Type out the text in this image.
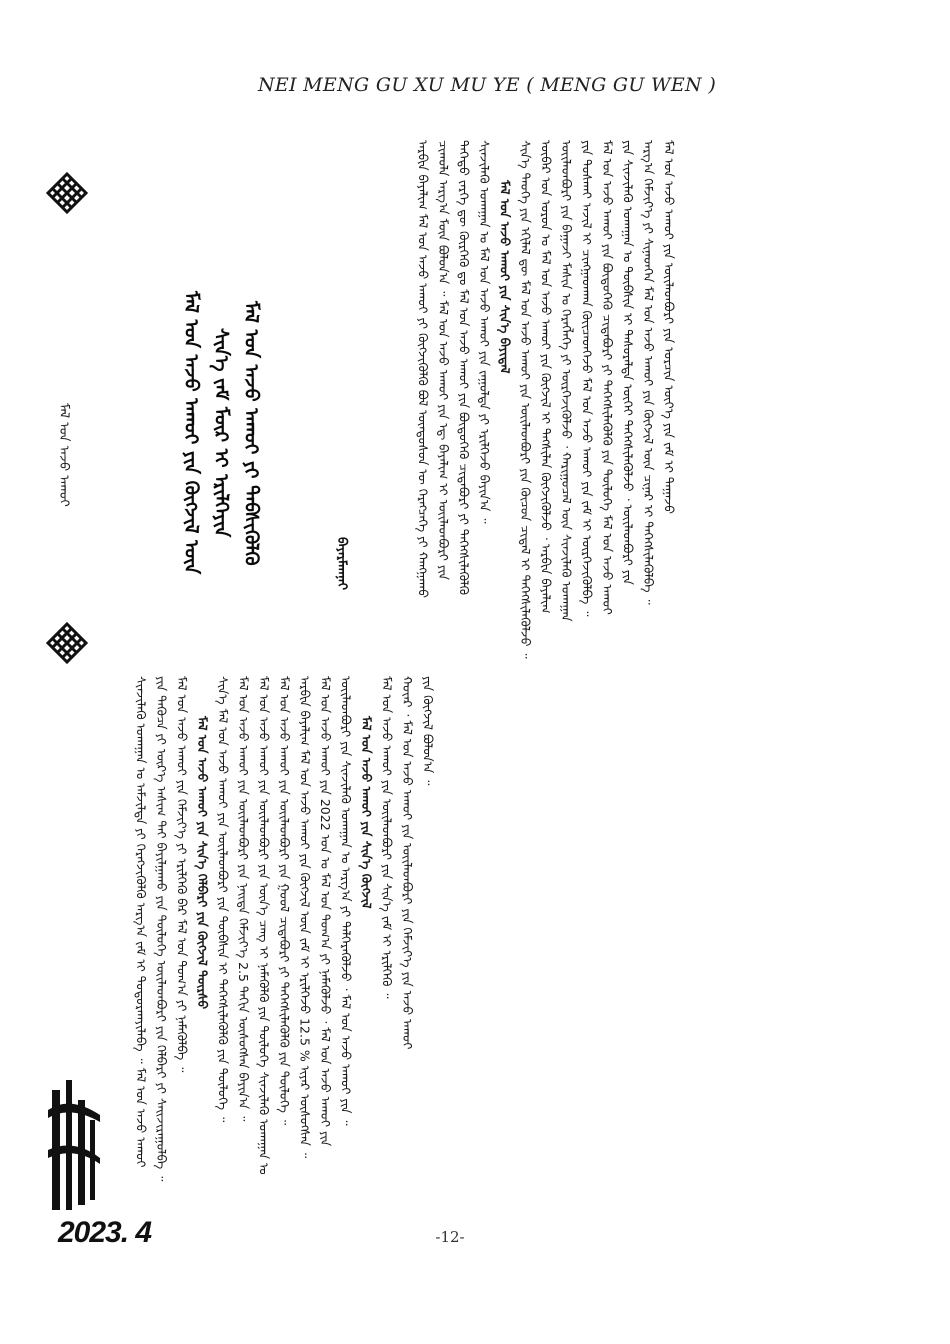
NEI MENG GU XU MU YE ( MENG GU WEN )
ᠮᠠᠯ ᠤᠨ ᠠᠵᠤ ᠠᠬᠤᠢ	ᠮᠠᠯ ᠤᠨ ᠠᠵᠤ ᠠᠬᠤᠢ ᠶᠢᠨ ᠬᠦᠭᠵᠢᠯ ᠦᠨ ᠰᠢᠨ᠎ᠡ ᠵᠠᠮ ᠮᠦᠷ ᠢ ᠡᠷᠢᠯᠬᠡᠶᠢᠨ ᠮᠠᠯ ᠤᠨ ᠠᠵᠤ ᠠᠬᠤᠢ ᠶᠢ ᠳᠡᠪᠰᠢᠭᠦᠯᠬᠦ	ᠪᠠᠶᠠᠷᠮᠠᠭᠨᠠᠢ	ᠠᠷᠪᠢᠨ ᠪᠠᠶᠠᠯᠢᠭ ᠮᠠᠯ ᠤᠨ ᠠᠵᠤ ᠠᠬᠤᠢ ᠶᠢ ᠬᠦᠭᠵᠢᠭᠦᠯᠬᠦ ᠪᠣᠯ ᠦᠨᠳᠦᠰᠦᠨ ᠦ ᠬᠡᠷᠡᠭᠴᠡᠭᠡ ᠶᠢ ᠬᠠᠩᠭᠠᠬᠤ ᠴᠢᠬᠤᠯᠠ ᠠᠷᠭ᠎ᠠ ᠮᠦᠨ ᠪᠣᠯᠤᠨ᠎ᠠ ᠃ ᠮᠠᠯ ᠤᠨ ᠠᠵᠤ ᠠᠬᠤᠢ ᠶᠢᠨ ᠡᠳ᠋ ᠪᠠᠶᠠᠯᠢᠭ ᠢ ᠦᠢᠯᠡᠳᠪᠦᠷᠢ ᠶᠢᠨ ᠳᠡᠭᠡᠳᠦ ᠵᠡᠷᠭᠡ ᠳᠦ ᠬᠦᠷᠭᠡᠬᠦ ᠳᠤ ᠮᠠᠯ ᠤᠨ ᠠᠵᠤ ᠠᠬᠤᠢ ᠶᠢᠨ ᠪᠦᠲᠦᠭᠡᠬᠦ ᠴᠢᠳᠠᠪᠤᠷᠢ ᠶᠢ ᠳᠡᠭᠡᠭᠰᠢᠯᠡᠭᠦᠯᠬᠦ ᠰᠢᠨᠵᠢᠯᠡᠬᠦ ᠤᠬᠠᠭᠠᠨ ᠤ ᠮᠠᠯ ᠤᠨ ᠠᠵᠤ ᠠᠬᠤᠢ ᠶᠢᠨ ᠵᠠᠭᠤᠯᠲᠠ ᠶᠢ ᠡᠷᠢᠯᠬᠡᠵᠦ ᠪᠠᠶᠢᠨ᠎ᠠ ᠃ ᠮᠠᠯ ᠤᠨ ᠠᠵᠤ ᠠᠬᠤᠢ ᠶᠢᠨ ᠰᠢᠨ᠎ᠡ ᠪᠠᠶᠢᠳᠠᠯ ᠰᠢᠨ᠎ᠡ ᠲᠡᠦᠬᠡ ᠶᠢᠨ ᠡᠬᠢᠯᠡᠯ ᠳᠦ ᠮᠠᠯ ᠤᠨ ᠠᠵᠤ ᠠᠬᠤᠢ ᠶᠢᠨ ᠦᠢᠯᠡᠳᠪᠦᠷᠢ ᠶᠢᠨ ᠬᠦᠴᠦᠨ ᠴᠢᠳᠠᠯ ᠢ ᠳᠡᠭᠡᠭᠰᠢᠯᠡᠭᠦᠯᠵᠦ ᠃ ᠦᠪᠡᠷ ᠤᠨ ᠣᠷᠣᠨ ᠤ ᠮᠠᠯ ᠤᠨ ᠠᠵᠤ ᠠᠬᠤᠢ ᠶᠢᠨ ᠬᠦᠭᠵᠢᠯ ᠢ ᠲᠡᠭᠰᠢᠯᠡᠨ ᠬᠥᠭᠵᠢᠭᠦᠯᠵᠦ ᠂ ᠠᠷᠪᠢᠨ ᠪᠠᠶᠠᠯᠢᠭ ᠦᠢᠯᠡᠳᠪᠦᠷᠢ ᠶᠢᠨ ᠪᠠᠭᠠᠵᠢ ᠮᠠᠰᠢᠨ ᠤ ᠬᠡᠷᠡᠭᠯᠡᠭᠡ ᠶᠢ ᠥᠷᠭᠡᠵᠢᠭᠦᠯᠵᠦ ᠂ ᠬᠠᠷᠢᠭᠤᠴᠠᠯ ᠦᠨ ᠰᠢᠨᠵᠢᠯᠡᠬᠦ ᠤᠬᠠᠭᠠᠨ ᠶᠢᠨ ᠲᠤᠰᠬᠠᠢ ᠠᠵᠢᠯ ᠢ ᠴᠢᠩᠭᠠᠳᠬᠠᠨ ᠭᠦᠢᠴᠡᠳᠬᠡᠵᠦ ᠮᠠᠯ ᠤᠨ ᠠᠵᠤ ᠠᠬᠤᠢ ᠶᠢᠨ ᠵᠠᠮ ᠢ ᠥᠷᠭᠡᠵᠢᠭᠦᠯᠪᠡ ᠃ ᠮᠠᠯ ᠤᠨ ᠠᠵᠤ ᠠᠬᠤᠢ ᠶᠢᠨ ᠪᠦᠲᠦᠭᠡᠬᠦ ᠴᠢᠳᠠᠪᠤᠷᠢ ᠶᠢ ᠳᠡᠭᠡᠭᠰᠢᠯᠡᠭᠦᠯᠬᠦ ᠶᠢᠨ ᠲᠥᠯᠦᠭᠡ ᠮᠠᠯ ᠤᠨ ᠠᠵᠤ ᠠᠬᠤᠢ ᠶᠢᠨ ᠰᠢᠨᠵᠢᠯᠡᠬᠦ ᠤᠬᠠᠭᠠᠨ ᠤ ᠲᠦᠪᠰᠢᠨ ᠢ ᠲᠠᠰᠤᠷᠠᠯᠲᠠ ᠦᠭᠡᠢ ᠳᠡᠭᠡᠭᠰᠢᠯᠡᠭᠦᠯᠵᠦ ᠂ ᠦᠢᠯᠡᠳᠪᠦᠷᠢ ᠶᠢᠨ ᠠᠷᠭ᠎ᠠ ᠬᠡᠮᠵᠢᠶ᠎ᠡ ᠶᠢ ᠰᠢᠨᠡᠳᠬᠡᠨ ᠮᠠᠯ ᠤᠨ ᠠᠵᠤ ᠠᠬᠤᠢ ᠶᠢᠨ ᠬᠦᠭᠵᠢᠯ ᠦᠨ ᠴᠢᠨᠠᠷ ᠢ ᠳᠡᠭᠡᠭᠰᠢᠯᠡᠭᠦᠯᠪᠡ ᠃ ᠮᠠᠯ ᠤᠨ ᠠᠵᠤ ᠠᠬᠤᠢ ᠶᠢᠨ ᠦᠢᠯᠡᠳᠪᠦᠷᠢ ᠶᠢᠨ ᠣᠷᠴᠢᠨ ᠦᠶ᠎ᠡ ᠶᠢᠨ ᠵᠠᠮ ᠢ ᠳᠠᠭᠠᠵᠤ
ᠰᠢᠨᠵᠢᠯᠡᠬᠦ ᠤᠬᠠᠭᠠᠨ ᠤ ᠠᠮᠵᠢᠯᠲᠠ ᠶᠢ ᠬᠡᠷᠡᠭᠵᠢᠭᠦᠯᠬᠦ ᠠᠷᠭ᠎ᠠ ᠵᠠᠮ ᠢ ᠲᠣᠳᠣᠷᠬᠠᠶᠢᠯᠠᠪᠠ ᠃ ᠮᠠᠯ ᠤᠨ ᠠᠵᠤ ᠠᠬᠤᠢ ᠶᠢᠨ ᠲᠡᠭᠦᠴᠡ ᠶᠢ ᠦᠷ᠎ᠡ ᠠᠰᠢᠭ ᠲᠠᠢ ᠪᠠᠶᠢᠯᠭᠠᠬᠤ ᠶᠢᠨ ᠲᠥᠯᠦᠭᠡ ᠦᠢᠯᠡᠳᠪᠦᠷᠢ ᠶᠢᠨ ᠬᠡᠯᠪᠡᠷᠢ ᠶᠢ ᠰᠠᠢᠵᠢᠷᠠᠭᠤᠯᠪᠠ ᠃ ᠮᠠᠯ ᠤᠨ ᠠᠵᠤ ᠠᠬᠤᠢ ᠶᠢᠨ ᠬᠡᠮᠵᠢᠶ᠎ᠡ ᠶᠢ ᠡᠷᠢᠯᠬᠡᠬᠦ ᠪᠠᠷ ᠮᠠᠯ ᠤᠨ ᠲᠣᠭ᠎ᠠ ᠶᠢ ᠨᠡᠮᠡᠭᠦᠯᠪᠡ ᠃ ᠮᠠᠯ ᠤᠨ ᠠᠵᠤ ᠠᠬᠤᠢ ᠶᠢᠨ ᠰᠢᠨ᠎ᠡ ᠬᠡᠯᠪᠡᠷᠢ ᠶᠢᠨ ᠬᠥᠭᠵᠢᠯ ᠳᠦᠷᠰᠦ ᠰᠢᠨ᠎ᠡ ᠮᠠᠯ ᠤᠨ ᠠᠵᠤ ᠠᠬᠤᠢ ᠶᠢᠨ ᠦᠢᠯᠡᠳᠪᠦᠷᠢ ᠶᠢᠨ ᠲᠦᠪᠰᠢᠨ ᠢ ᠳᠡᠭᠡᠭᠰᠢᠯᠡᠭᠦᠯᠬᠦ ᠶᠢᠨ ᠲᠥᠯᠦᠭᠡ ᠃ ᠮᠠᠯ ᠤᠨ ᠠᠵᠤ ᠠᠬᠤᠢ ᠶᠢᠨ ᠦᠢᠯᠡᠳᠪᠦᠷᠢ ᠶᠢᠨ ᠨᠡᠢᠲᠡ ᠬᠡᠮᠵᠢᠶ᠎ᠡ 2.5 ᠳᠠᠬᠢᠨ ᠥᠰᠦᠭᠰᠡᠨ ᠪᠠᠶᠢᠨ᠎ᠠ ᠃ ᠮᠠᠯ ᠤᠨ ᠠᠵᠤ ᠠᠬᠤᠢ ᠶᠢᠨ ᠦᠢᠯᠡᠳᠪᠦᠷᠢ ᠶᠢᠨ ᠦᠨ᠎ᠡ ᠴᠡᠩ ᠢ ᠨᠡᠮᠡᠭᠦᠯᠬᠦ ᠶᠢᠨ ᠲᠥᠯᠦᠭᠡ ᠰᠢᠨᠵᠢᠯᠡᠬᠦ ᠤᠬᠠᠭᠠᠨ ᠤ ᠮᠠᠯ ᠤᠨ ᠠᠵᠤ ᠠᠬᠤᠢ ᠶᠢᠨ ᠦᠢᠯᠡᠳᠪᠦᠷᠢ ᠶᠢᠨ ᠭᠣᠣᠯ ᠴᠢᠳᠠᠪᠤᠷᠢ ᠶᠢ ᠳᠡᠭᠡᠭᠰᠢᠯᠡᠭᠦᠯᠬᠦ ᠶᠢᠨ ᠲᠥᠯᠦᠭᠡ ᠃ ᠠᠷᠪᠢᠨ ᠪᠠᠶᠠᠯᠢᠭ ᠮᠠᠯ ᠤᠨ ᠠᠵᠤ ᠠᠬᠤᠢ ᠶᠢᠨ ᠬᠦᠭᠵᠢᠯ ᠦᠨ ᠵᠠᠮ ᠢ ᠡᠷᠢᠯᠬᠡᠵᠦ 12.5 % ᠢᠶᠠᠷ ᠥᠰᠦᠭᠰᠡᠨ ᠃ ᠮᠠᠯ ᠤᠨ ᠠᠵᠤ ᠠᠬᠤᠢ ᠶᠢᠨ 2022 ᠣᠨ ᠤ ᠮᠠᠯ ᠤᠨ ᠲᠣᠭ᠎ᠠ ᠶᠢ ᠨᠡᠮᠡᠭᠦᠯᠵᠦ ᠂ ᠮᠠᠯ ᠤᠨ ᠠᠵᠤ ᠠᠬᠤᠢ ᠶᠢᠨ ᠦᠢᠯᠡᠳᠪᠦᠷᠢ ᠶᠢᠨ ᠰᠢᠨᠵᠢᠯᠡᠬᠦ ᠤᠬᠠᠭᠠᠨ ᠤ ᠠᠷᠭ᠎ᠠ ᠶᠢ ᠳᠡᠯᠭᠡᠷᠡᠭᠦᠯᠵᠦ ᠂ ᠮᠠᠯ ᠤᠨ ᠠᠵᠤ ᠠᠬᠤᠢ ᠶᠢᠨ ᠃ ᠮᠠᠯ ᠤᠨ ᠠᠵᠤ ᠠᠬᠤᠢ ᠶᠢᠨ ᠰᠢᠨ᠎ᠡ ᠬᠥᠭᠵᠢᠯ ᠮᠠᠯ ᠤᠨ ᠠᠵᠤ ᠠᠬᠤᠢ ᠶᠢᠨ ᠦᠢᠯᠡᠳᠪᠦᠷᠢ ᠶᠢᠨ ᠰᠢᠨ᠎ᠡ ᠵᠠᠮ ᠢ ᠡᠷᠢᠯᠬᠡᠬᠦ ᠃ ᠬᠣᠶ᠋ᠠᠷ ᠂ ᠮᠠᠯ ᠤᠨ ᠠᠵᠤ ᠠᠬᠤᠢ ᠶᠢᠨ ᠦᠢᠯᠡᠳᠪᠦᠷᠢ ᠶᠢᠨ ᠬᠡᠮᠵᠢᠶ᠎ᠡ ᠶᠢᠨ ᠠᠵᠤ ᠠᠬᠤᠢ ᠶᠢᠨ ᠬᠥᠭᠵᠢᠯ ᠪᠣᠯᠤᠨ᠎ᠠ ᠃
2023. 4	-12-
